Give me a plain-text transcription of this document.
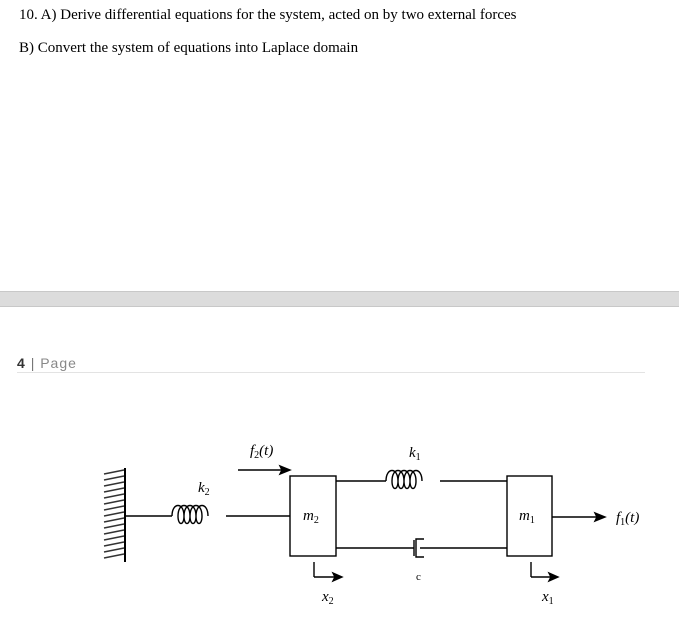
10. A) Derive differential equations for the system, acted on by two external forces
B) Convert the system of equations into Laplace domain
4 | Page
$f_2(t)$	$k_1$
$k_2$
$m_2$	$m_1$	$f_1(t)$
c
$x_2$	$x_1$
